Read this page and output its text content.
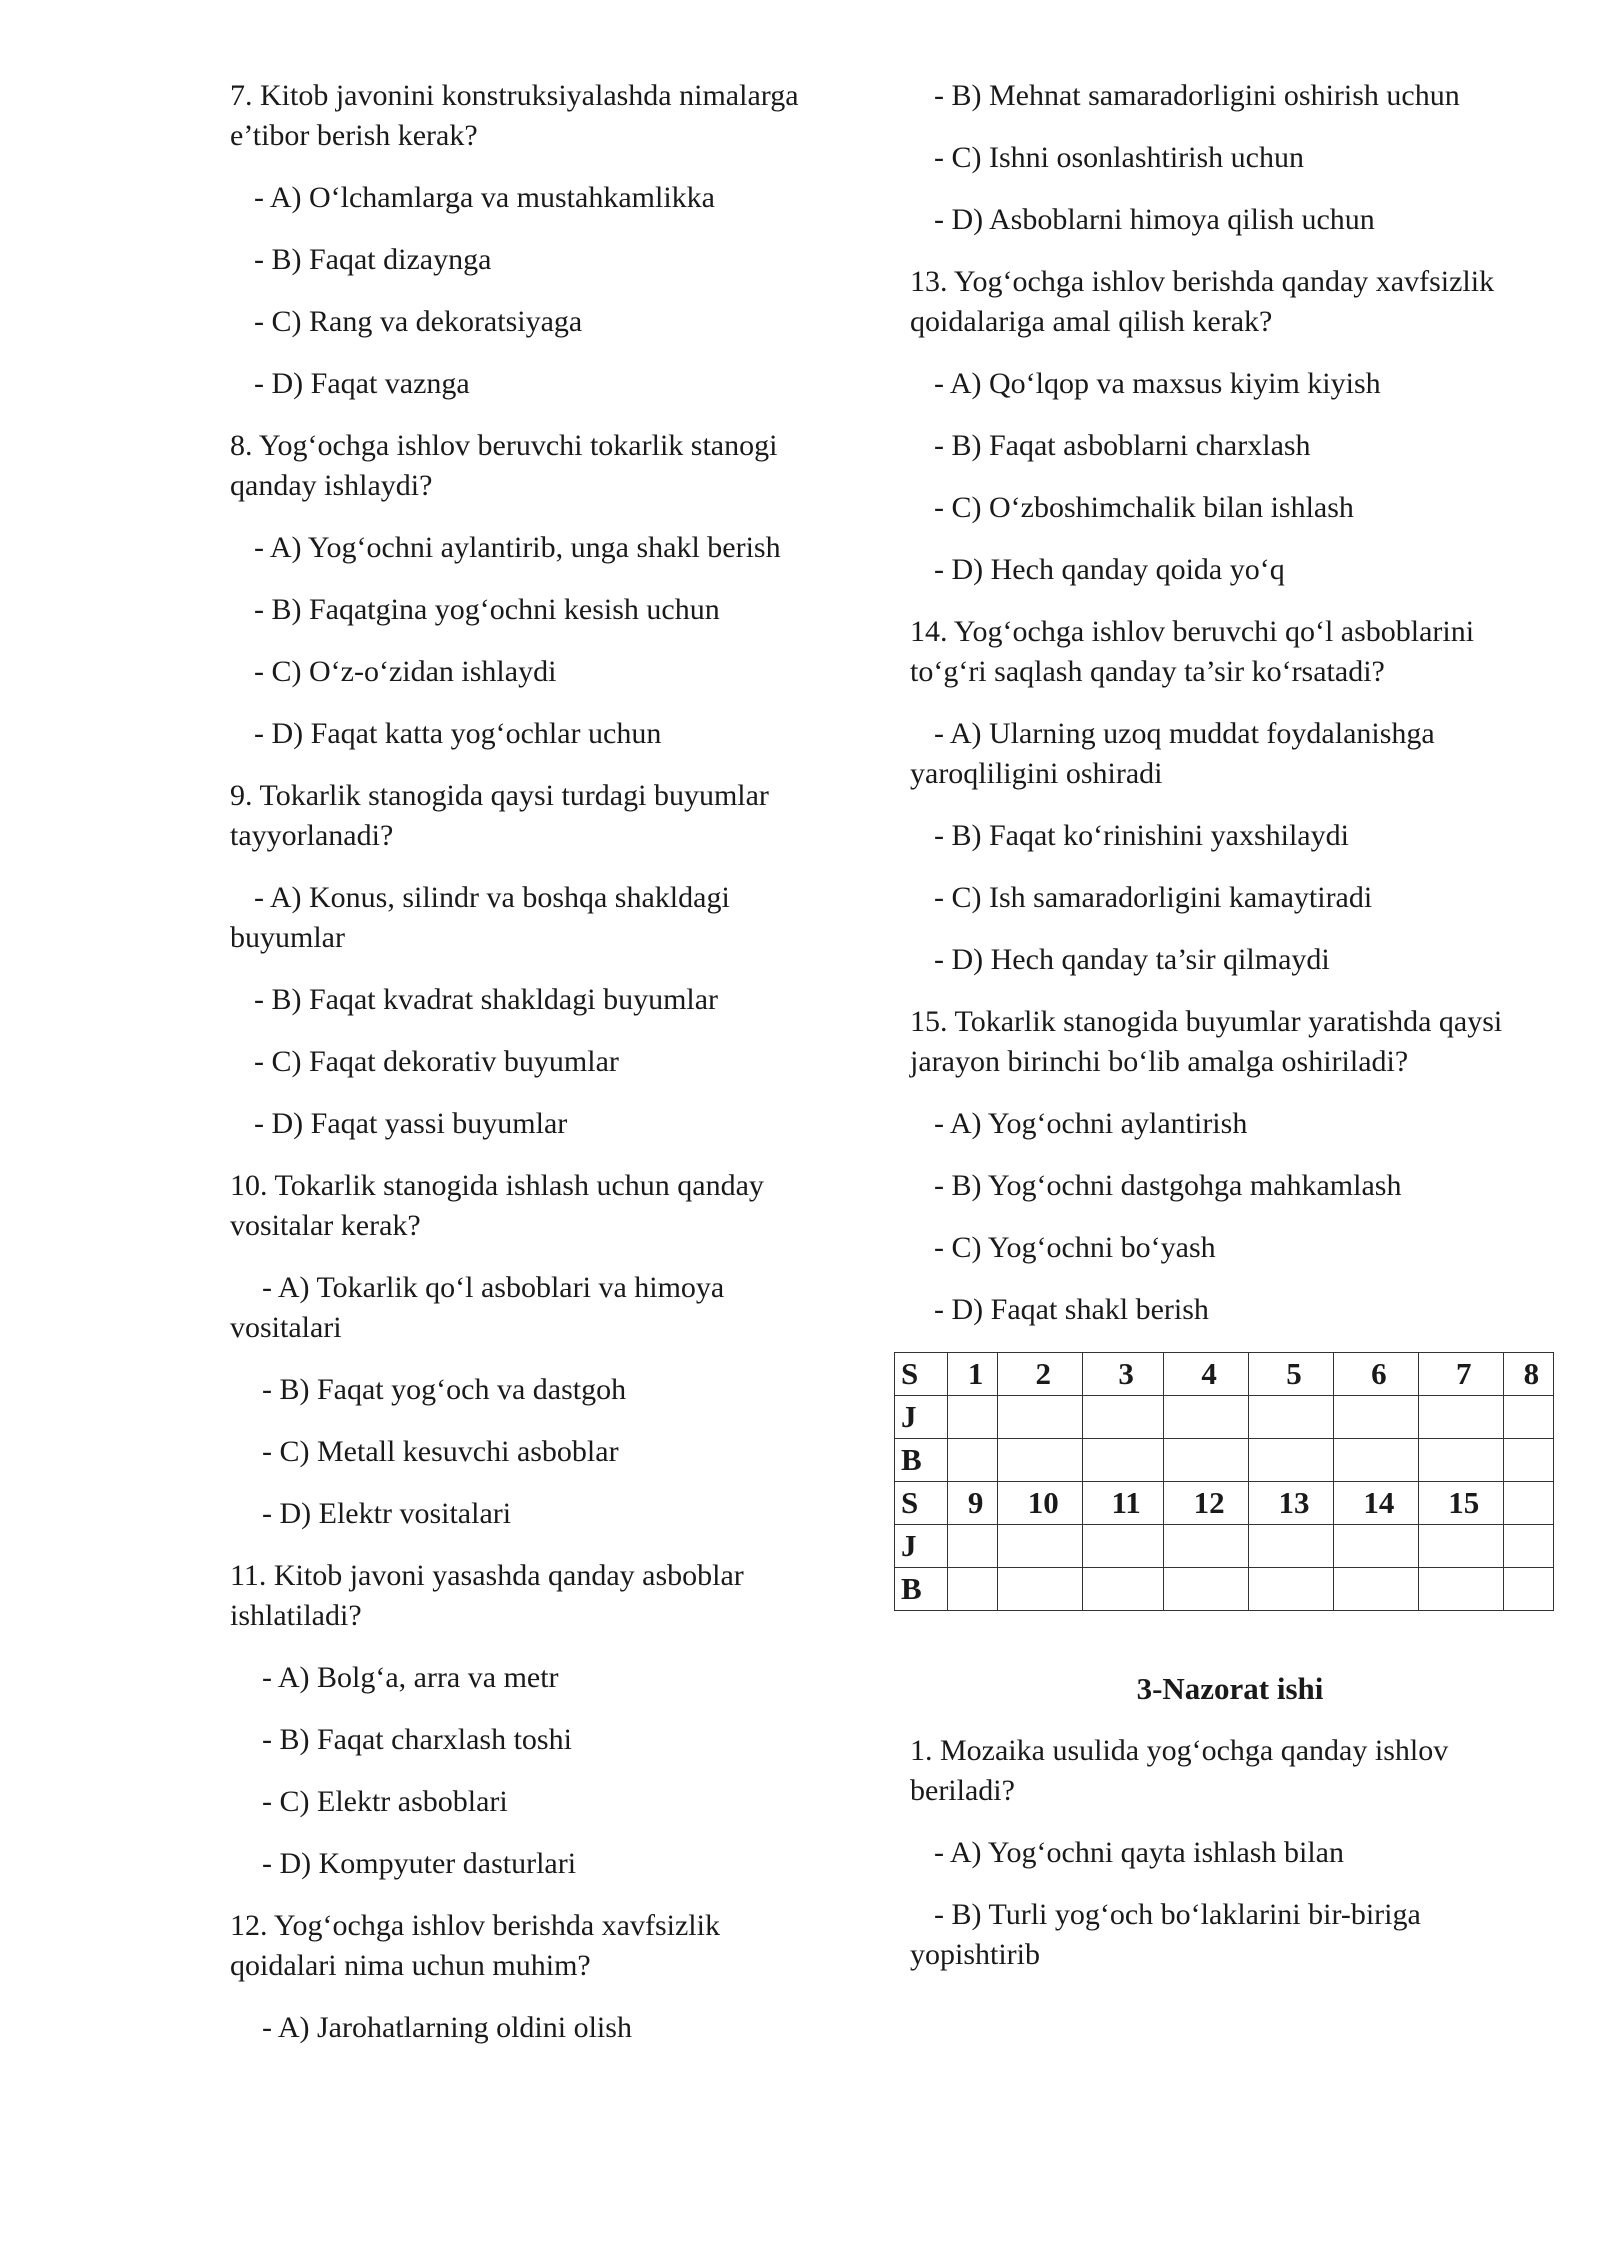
7. Kitob javonini konstruksiyalashda nimalarga e’tibor berish kerak?
- A) O‘lchamlarga va mustahkamlikka
- B) Faqat dizaynga
- C) Rang va dekoratsiyaga
- D) Faqat vaznga
8. Yog‘ochga ishlov beruvchi tokarlik stanogi qanday ishlaydi?
- A) Yog‘ochni aylantirib, unga shakl berish
- B) Faqatgina yog‘ochni kesish uchun
- C) O‘z-o‘zidan ishlaydi
- D) Faqat katta yog‘ochlar uchun
9. Tokarlik stanogida qaysi turdagi buyumlar tayyorlanadi?
- A) Konus, silindr va boshqa shakldagi buyumlar
- B) Faqat kvadrat shakldagi buyumlar
- C) Faqat dekorativ buyumlar
- D) Faqat yassi buyumlar
10. Tokarlik stanogida ishlash uchun qanday vositalar kerak?
- A) Tokarlik qo‘l asboblari va himoya vositalari
- B) Faqat yog‘och va dastgoh
- C) Metall kesuvchi asboblar
- D) Elektr vositalari
11. Kitob javoni yasashda qanday asboblar ishlatiladi?
- A) Bolg‘a, arra va metr
- B) Faqat charxlash toshi
- C) Elektr asboblari
- D) Kompyuter dasturlari
12. Yog‘ochga ishlov berishda xavfsizlik qoidalari nima uchun muhim?
- A) Jarohatlarning oldini olish
- B) Mehnat samaradorligini oshirish uchun
- C) Ishni osonlashtirish uchun
- D) Asboblarni himoya qilish uchun
13. Yog‘ochga ishlov berishda qanday xavfsizlik qoidalariga amal qilish kerak?
- A) Qo‘lqop va maxsus kiyim kiyish
- B) Faqat asboblarni charxlash
- C) O‘zboshimchalik bilan ishlash
- D) Hech qanday qoida yo‘q
14. Yog‘ochga ishlov beruvchi qo‘l asboblarini to‘g‘ri saqlash qanday ta’sir ko‘rsatadi?
- A) Ularning uzoq muddat foydalanishga yaroqliligini oshiradi
- B) Faqat ko‘rinishini yaxshilaydi
- C) Ish samaradorligini kamaytiradi
- D) Hech qanday ta’sir qilmaydi
15. Tokarlik stanogida buyumlar yaratishda qaysi jarayon birinchi bo‘lib amalga oshiriladi?
- A) Yog‘ochni aylantirish
- B) Yog‘ochni dastgohga mahkamlash
- C) Yog‘ochni bo‘yash
- D) Faqat shakl berish
S	1	2	3	4	5	6	7	8
J								
B								
S	9	10	11	12	13	14	15	
J								
B								
3-Nazorat ishi
1. Mozaika usulida yog‘ochga qanday ishlov beriladi?
- A) Yog‘ochni qayta ishlash bilan
- B) Turli yog‘och bo‘laklarini bir-biriga yopishtirib
